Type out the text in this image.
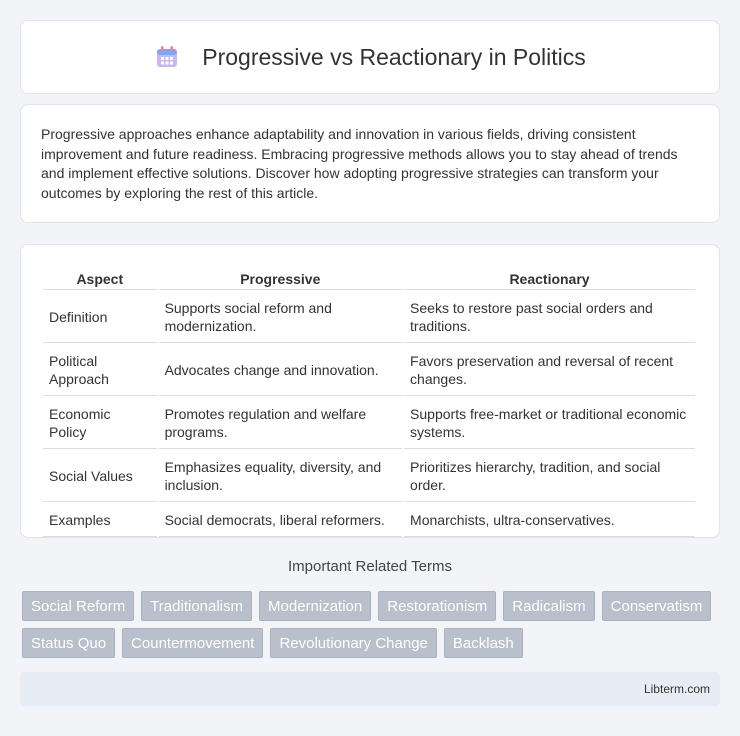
Progressive vs Reactionary in Politics

Progressive approaches enhance adaptability and innovation in various fields, driving consistent improvement and future readiness. Embracing progressive methods allows you to stay ahead of trends and implement effective solutions. Discover how adopting progressive strategies can transform your outcomes by exploring the rest of this article.

Aspect	Progressive	Reactionary
Definition	Supports social reform and modernization.	Seeks to restore past social orders and traditions.
Political Approach	Advocates change and innovation.	Favors preservation and reversal of recent changes.
Economic Policy	Promotes regulation and welfare programs.	Supports free-market or traditional economic systems.
Social Values	Emphasizes equality, diversity, and inclusion.	Prioritizes hierarchy, tradition, and social order.
Examples	Social democrats, liberal reformers.	Monarchists, ultra-conservatives.
Important Related Terms
Social Reform	Traditionalism	Modernization	Restorationism	Radicalism	Conservatism
Status Quo	Countermovement	Revolutionary Change	Backlash
Libterm.com
